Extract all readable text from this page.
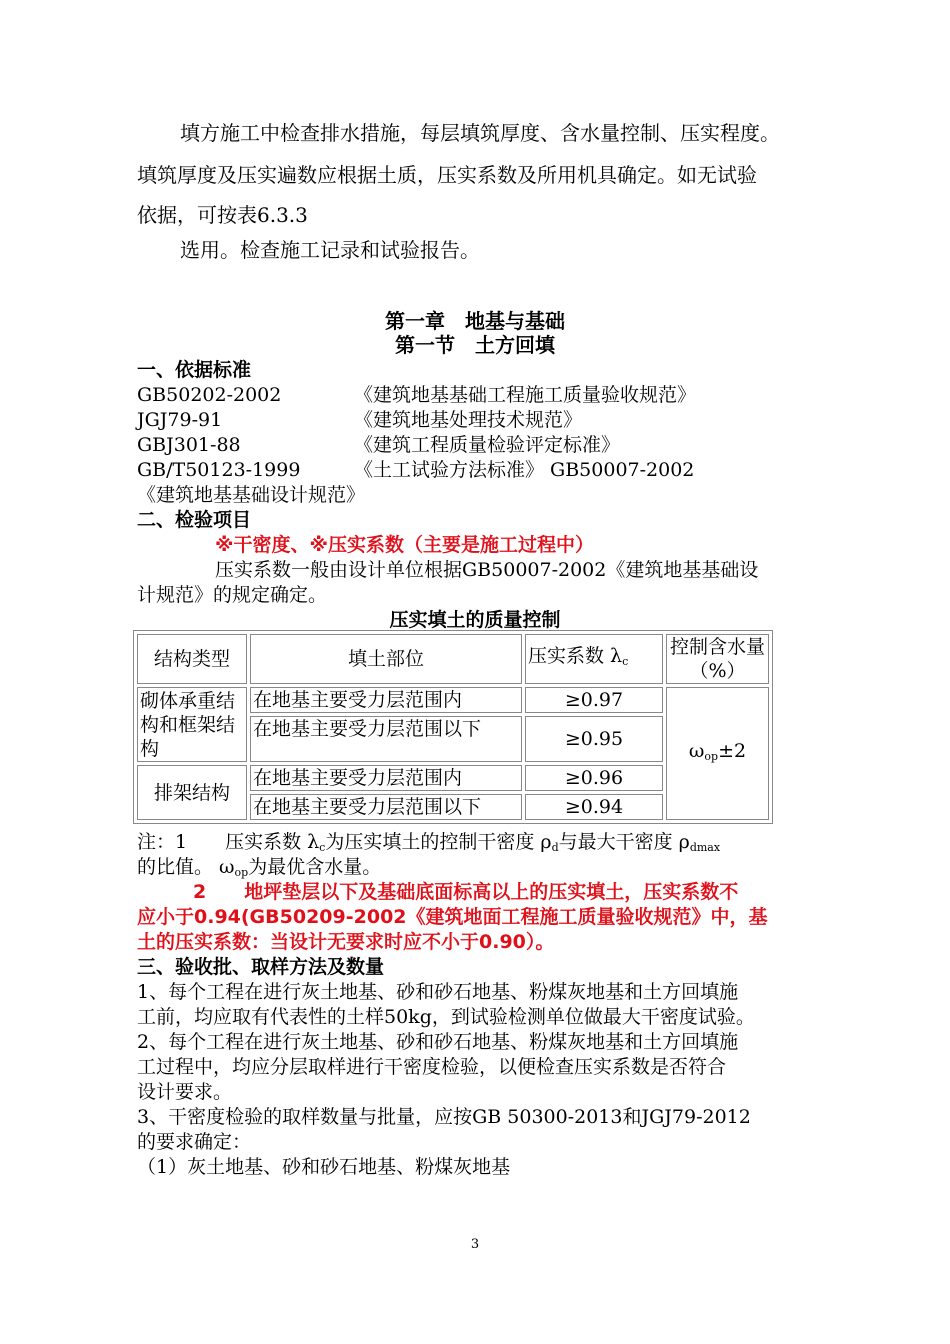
填方施工中检查排水措施，每层填筑厚度、含水量控制、压实程度。
填筑厚度及压实遍数应根据土质，压实系数及所用机具确定。如无试验
依据，可按表6.3.3
选用。检查施工记录和试验报告。
第一章　地基与基础
第一节　土方回填
一、依据标准
GB50202-2002	《建筑地基基础工程施工质量验收规范》
JGJ79-91	《建筑地基处理技术规范》
GBJ301-88	《建筑工程质量检验评定标准》
GB/T50123-1999	《土工试验方法标准》 GB50007-2002
《建筑地基基础设计规范》
二、检验项目
※干密度、※压实系数（主要是施工过程中）
压实系数一般由设计单位根据GB50007-2002《建筑地基基础设
计规范》的规定确定。
压实填土的质量控制
结构类型	填土部位	压实系数 $\lambda_c$	控制含水量
（%）

砌体承重结构和框架结构	在地基主要受力层范围内	≥0.97	$\omega_{op}\pm 2$
	在地基主要受力层范围以下	≥0.95	
排架结构	在地基主要受力层范围内	≥0.96	
	在地基主要受力层范围以下	≥0.94	
注：1　　压实系数 $\lambda_c$为压实填土的控制干密度 $\rho_d$与最大干密度 $\rho_{dmax}$
的比值。 $\omega_{op}$为最优含水量。
2　　地坪垫层以下及基础底面标高以上的压实填土，压实系数不
应小于0.94(GB50209-2002《建筑地面工程施工质量验收规范》中，基
土的压实系数：当设计无要求时应不小于0.90）。
三、验收批、取样方法及数量
1、每个工程在进行灰土地基、砂和砂石地基、粉煤灰地基和土方回填施
工前，均应取有代表性的土样50kg，到试验检测单位做最大干密度试验。
2、每个工程在进行灰土地基、砂和砂石地基、粉煤灰地基和土方回填施
工过程中，均应分层取样进行干密度检验，以便检查压实系数是否符合
设计要求。
3、干密度检验的取样数量与批量，应按GB 50300-2013和JGJ79-2012
的要求确定：
（1）灰土地基、砂和砂石地基、粉煤灰地基
3
